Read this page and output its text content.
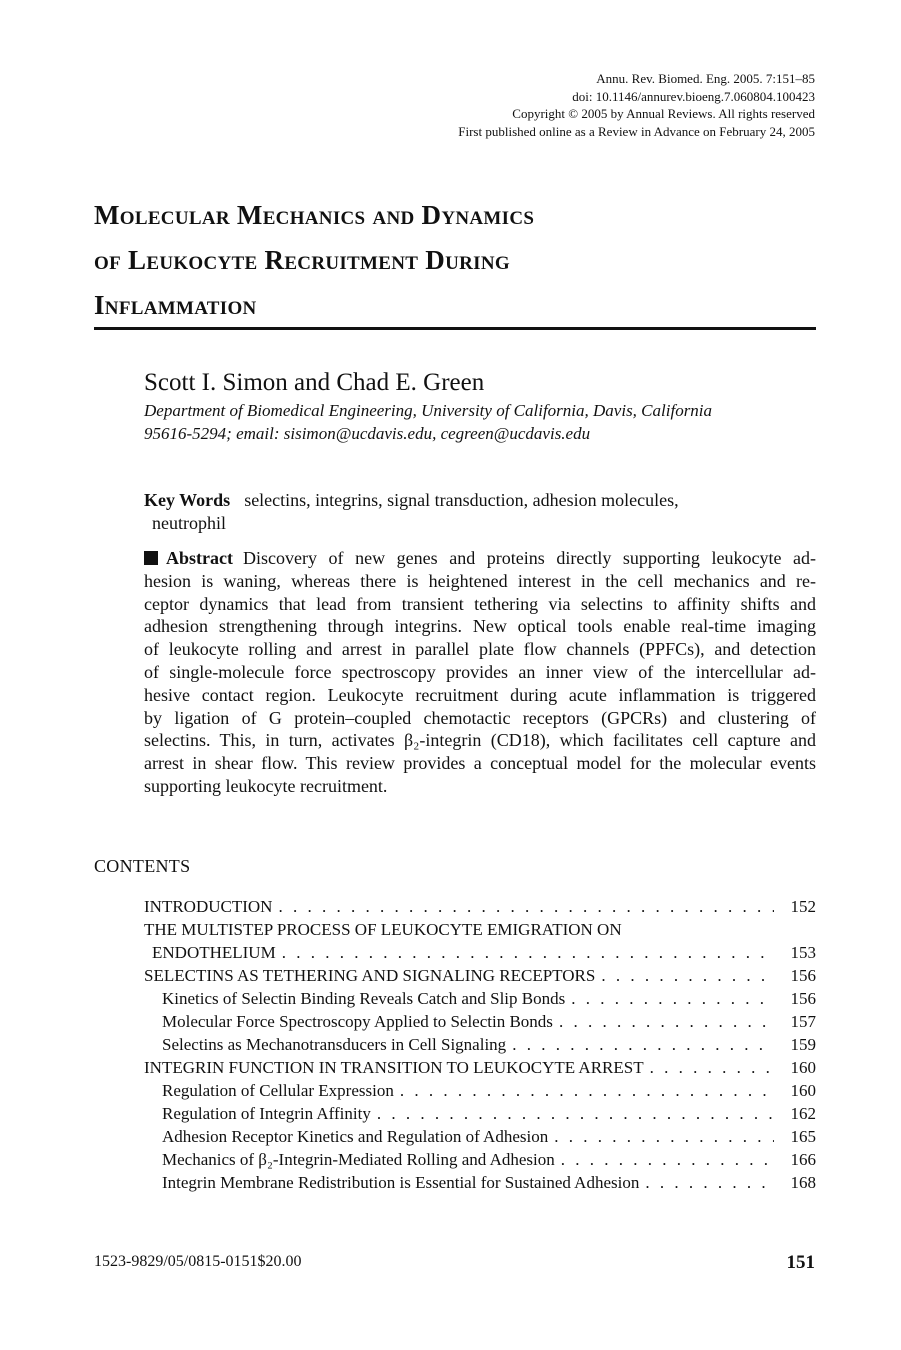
Annu. Rev. Biomed. Eng. 2005. 7:151–85
doi: 10.1146/annurev.bioeng.7.060804.100423
Copyright © 2005 by Annual Reviews. All rights reserved
First published online as a Review in Advance on February 24, 2005
Molecular Mechanics and Dynamics
of Leukocyte Recruitment During
Inflammation
Scott I. Simon and Chad E. Green
Department of Biomedical Engineering, University of California, Davis, California
95616-5294; email: sisimon@ucdavis.edu, cegreen@ucdavis.edu
Key Words selectins, integrins, signal transduction, adhesion molecules,
neutrophil
Abstract Discovery of new genes and proteins directly supporting leukocyte ad-
hesion is waning, whereas there is heightened interest in the cell mechanics and re-
ceptor dynamics that lead from transient tethering via selectins to affinity shifts and
adhesion strengthening through integrins. New optical tools enable real-time imaging
of leukocyte rolling and arrest in parallel plate flow channels (PPFCs), and detection
of single-molecule force spectroscopy provides an inner view of the intercellular ad-
hesive contact region. Leukocyte recruitment during acute inflammation is triggered
by ligation of G protein–coupled chemotactic receptors (GPCRs) and clustering of
selectins. This, in turn, activates β₂-integrin (CD18), which facilitates cell capture and
arrest in shear flow. This review provides a conceptual model for the molecular events
supporting leukocyte recruitment.
CONTENTS
INTRODUCTION . . .	152
THE MULTISTEP PROCESS OF LEUKOCYTE EMIGRATION ON
ENDOTHELIUM . . .	153
SELECTINS AS TETHERING AND SIGNALING RECEPTORS . . .	156
Kinetics of Selectin Binding Reveals Catch and Slip Bonds . . .	156
Molecular Force Spectroscopy Applied to Selectin Bonds . . .	157
Selectins as Mechanotransducers in Cell Signaling . . .	159
INTEGRIN FUNCTION IN TRANSITION TO LEUKOCYTE ARREST . . .	160
Regulation of Cellular Expression . . .	160
Regulation of Integrin Affinity . . .	162
Adhesion Receptor Kinetics and Regulation of Adhesion . . .	165
Mechanics of β₂-Integrin-Mediated Rolling and Adhesion . . .	166
Integrin Membrane Redistribution is Essential for Sustained Adhesion . . .	168
1523-9829/05/0815-0151$20.00	151
